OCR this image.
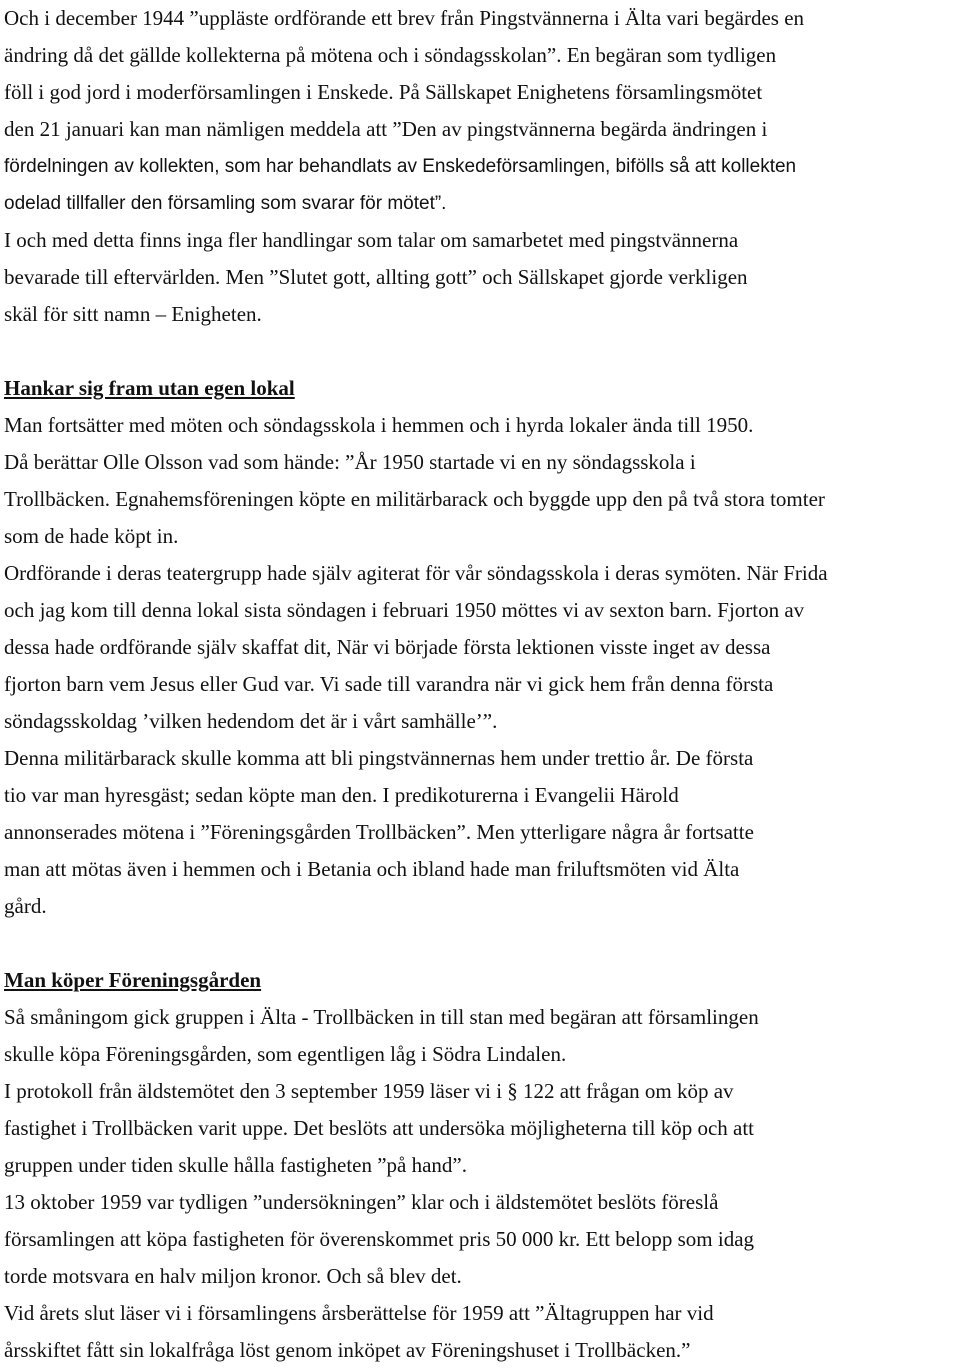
Och i december 1944 ”uppläste ordförande ett brev från Pingstvännerna i Älta vari begärdes en
ändring då det gällde kollekterna på mötena och i söndagsskolan”. En begäran som tydligen
föll i god jord i moderförsamlingen i Enskede. På Sällskapet Enighetens församlingsmötet
den 21 januari kan man nämligen meddela att ”Den av pingstvännerna begärda ändringen i
fördelningen av kollekten, som har behandlats av Enskedeförsamlingen, bifölls så att kollekten
odelad tillfaller den församling som svarar för mötet”.
I och med detta finns inga fler handlingar som talar om samarbetet med pingstvännerna
bevarade till eftervärlden. Men ”Slutet gott, allting gott” och Sällskapet gjorde verkligen
skäl för sitt namn – Enigheten.
Hankar sig fram utan egen lokal
Man fortsätter med möten och söndagsskola i hemmen och i hyrda lokaler ända till 1950.
Då berättar Olle Olsson vad som hände: ”År 1950 startade vi en ny söndagsskola i
Trollbäcken. Egnahemsföreningen köpte en militärbarack och byggde upp den på två stora tomter
som de hade köpt in.
Ordförande i deras teatergrupp hade själv agiterat för vår söndagsskola i deras symöten. När Frida
och jag kom till denna lokal sista söndagen i februari 1950 möttes vi av sexton barn. Fjorton av
dessa hade ordförande själv skaffat dit, När vi började första lektionen visste inget av dessa
fjorton barn vem Jesus eller Gud var. Vi sade till varandra när vi gick hem från denna första
söndagsskoldag ’vilken hedendom det är i vårt samhälle’”.
Denna militärbarack skulle komma att bli pingstvännernas hem under trettio år. De första
tio var man hyresgäst; sedan köpte man den. I predikoturerna i Evangelii Härold
annonserades mötena i ”Föreningsgården Trollbäcken”. Men ytterligare några år fortsatte
man att mötas även i hemmen och i Betania och ibland hade man friluftsmöten vid Älta
gård.
Man köper Föreningsgården
Så småningom gick gruppen i Älta - Trollbäcken in till stan med begäran att församlingen
skulle köpa Föreningsgården, som egentligen låg i Södra Lindalen.
I protokoll från äldstemötet den 3 september 1959 läser vi i § 122 att frågan om köp av
fastighet i Trollbäcken varit uppe. Det beslöts att undersöka möjligheterna till köp och att
gruppen under tiden skulle hålla fastigheten ”på hand”.
13 oktober 1959 var tydligen ”undersökningen” klar och i äldstemötet beslöts föreslå
församlingen att köpa fastigheten för överenskommet pris 50 000 kr. Ett belopp som idag
torde motsvara en halv miljon kronor. Och så blev det.
Vid årets slut läser vi i församlingens årsberättelse för 1959 att ”Ältagruppen har vid
årsskiftet fått sin lokalfråga löst genom inköpet av Föreningshuset i Trollbäcken.”
